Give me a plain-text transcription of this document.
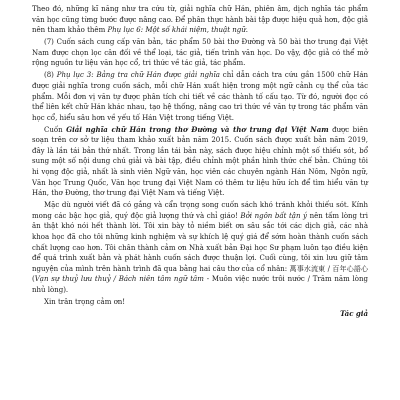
Theo đó, những kĩ năng như tra cứu từ, giải nghĩa chữ Hán, phiên âm, dịch nghĩa tác phẩm văn học cũng từng bước được nâng cao. Để phân thực hành bài tập được hiệu quả hơn, độc giả nên tham khảo thêm Phụ lục 6: Một số khái niệm, thuật ngữ.

(7) Cuốn sách cung cấp văn bản, tác phẩm 50 bài thơ Đường và 50 bài thơ trung đại Việt Nam được chọn lọc cân đối về thể loại, tác giả, tiến trình văn học. Do vậy, độc giả có thể mở rộng nguồn tư liệu văn học cổ, tri thức về tác giả, tác phẩm.

(8) Phụ lục 3: Bảng tra chữ Hán được giải nghĩa chỉ dẫn cách tra cứu gần 1500 chữ Hán được giải nghĩa trong cuốn sách, mỗi chữ Hán xuất hiện trong một ngữ cảnh cụ thể của tác phẩm. Mỗi đơn vị văn tự được phân tích chi tiết về các thành tố cấu tạo. Từ đó, người đọc có thể liên kết chữ Hán khác nhau, tạo hệ thống, nâng cao tri thức về văn tự trong tác phẩm văn học cổ, hiểu sâu hơn về yếu tố Hán Việt trong tiếng Việt.

Cuốn Giải nghĩa chữ Hán trong thơ Đường và thơ trung đại Việt Nam được biên soạn trên cơ sở tư liệu tham khảo xuất bản năm 2015. Cuốn sách được xuất bản năm 2019, đây là lần tái bản thứ nhất. Trong lần tái bản này, sách được hiệu chỉnh một số thiếu sót, bổ sung một số nội dung chú giải và bài tập, điều chỉnh một phần hình thức chế bản. Chúng tôi hi vọng độc giả, nhất là sinh viên Ngữ văn, học viên các chuyên ngành Hán Nôm, Ngôn ngữ, Văn học Trung Quốc, Văn học trung đại Việt Nam có thêm tư liệu hữu ích để tìm hiểu văn tự Hán, thơ Đường, thơ trung đại Việt Nam và tiếng Việt.

Mặc dù người viết đã có gắng và cẩn trọng song cuốn sách khó tránh khỏi thiếu sót. Kính mong các bậc học giả, quý độc giả lượng thứ và chỉ giáo! Bởi ngôn bất tận ý nên tấm lòng tri ân thật khó nói hết thành lời. Tôi xin bày tỏ niềm biết ơn sâu sắc tới các dịch giả, các nhà khoa học đã cho tôi những kinh nghiệm và sự khích lệ quý giá để sớm hoàn thành cuốn sách chất lượng cao hơn. Tôi chân thành cảm ơn Nhà xuất bản Đại học Sư phạm luôn tạo điều kiện để quá trình xuất bản và phát hành cuốn sách được thuận lợi. Cuối cùng, tôi xin lưu giữ tâm nguyện của mình trên hành trình đã qua bằng hai câu thơ của cổ nhân: 萬事水流東 / 百年心語心 (Vạn sự thuỷ lưu thuỷ / Bách niên tâm ngữ tâm - Muôn việc nước trôi nước / Trăm năm lòng nhủ lòng).

Xin trân trọng cảm ơn!

Tác giả
